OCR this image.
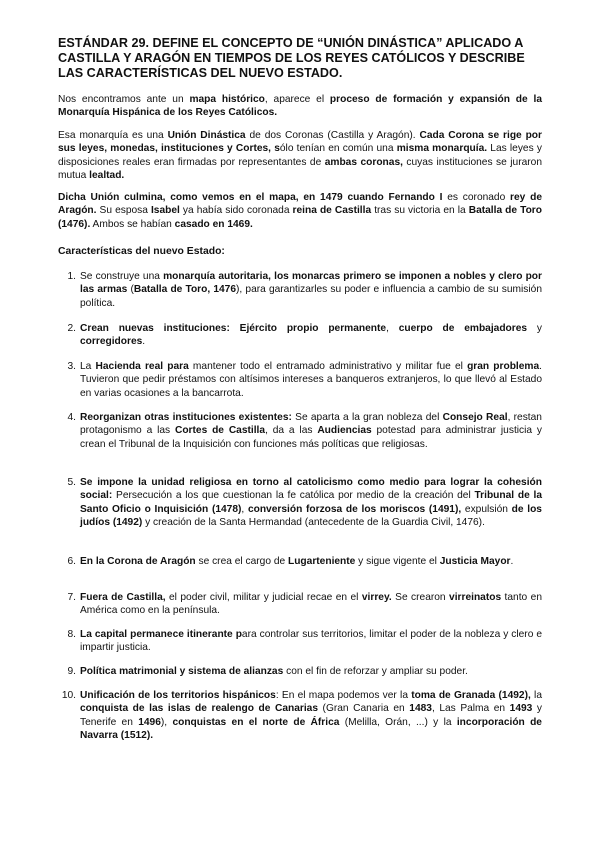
ESTÁNDAR 29. DEFINE EL CONCEPTO DE “UNIÓN DINÁSTICA” APLICADO A CASTILLA Y ARAGÓN EN TIEMPOS DE LOS REYES CATÓLICOS Y DESCRIBE LAS CARACTERÍSTICAS DEL NUEVO ESTADO.

Nos encontramos ante un mapa histórico, aparece el proceso de formación y expansión de la Monarquía Hispánica de los Reyes Católicos.

Esa monarquía es una Unión Dinástica de dos Coronas (Castilla y Aragón). Cada Corona se rige por sus leyes, monedas, instituciones y Cortes, sólo tenían en común una misma monarquía. Las leyes y disposiciones reales eran firmadas por representantes de ambas coronas, cuyas instituciones se juraron mutua lealtad.

Dicha Unión culmina, como vemos en el mapa, en 1479 cuando Fernando I es coronado rey de Aragón. Su esposa Isabel ya había sido coronada reina de Castilla tras su victoria en la Batalla de Toro (1476). Ambos se habían casado en 1469.

Características del nuevo Estado:
1. Se construye una monarquía autoritaria, los monarcas primero se imponen a nobles y clero por las armas (Batalla de Toro, 1476), para garantizarles su poder e influencia a cambio de su sumisión política.
2. Crean nuevas instituciones: Ejército propio permanente, cuerpo de embajadores y corregidores.
3. La Hacienda real para mantener todo el entramado administrativo y militar fue el gran problema. Tuvieron que pedir préstamos con altísimos intereses a banqueros extranjeros, lo que llevó al Estado en varias ocasiones a la bancarrota.
4. Reorganizan otras instituciones existentes: Se aparta a la gran nobleza del Consejo Real, restan protagonismo a las Cortes de Castilla, da a las Audiencias potestad para administrar justicia y crean el Tribunal de la Inquisición con funciones más políticas que religiosas.
5. Se impone la unidad religiosa en torno al catolicismo como medio para lograr la cohesión social: Persecución a los que cuestionan la fe católica por medio de la creación del Tribunal de la Santo Oficio o Inquisición (1478), conversión forzosa de los moriscos (1491), expulsión de los judíos (1492) y creación de la Santa Hermandad (antecedente de la Guardia Civil, 1476).
6. En la Corona de Aragón se crea el cargo de Lugarteniente y sigue vigente el Justicia Mayor.
7. Fuera de Castilla, el poder civil, militar y judicial recae en el virrey. Se crearon virreinatos tanto en América como en la península.
8. La capital permanece itinerante para controlar sus territorios, limitar el poder de la nobleza y clero e impartir justicia.
9. Política matrimonial y sistema de alianzas con el fin de reforzar y ampliar su poder.
10. Unificación de los territorios hispánicos: En el mapa podemos ver la toma de Granada (1492), la conquista de las islas de realengo de Canarias (Gran Canaria en 1483, Las Palma en 1493 y Tenerife en 1496), conquistas en el norte de África (Melilla, Orán, ...) y la incorporación de Navarra (1512).
